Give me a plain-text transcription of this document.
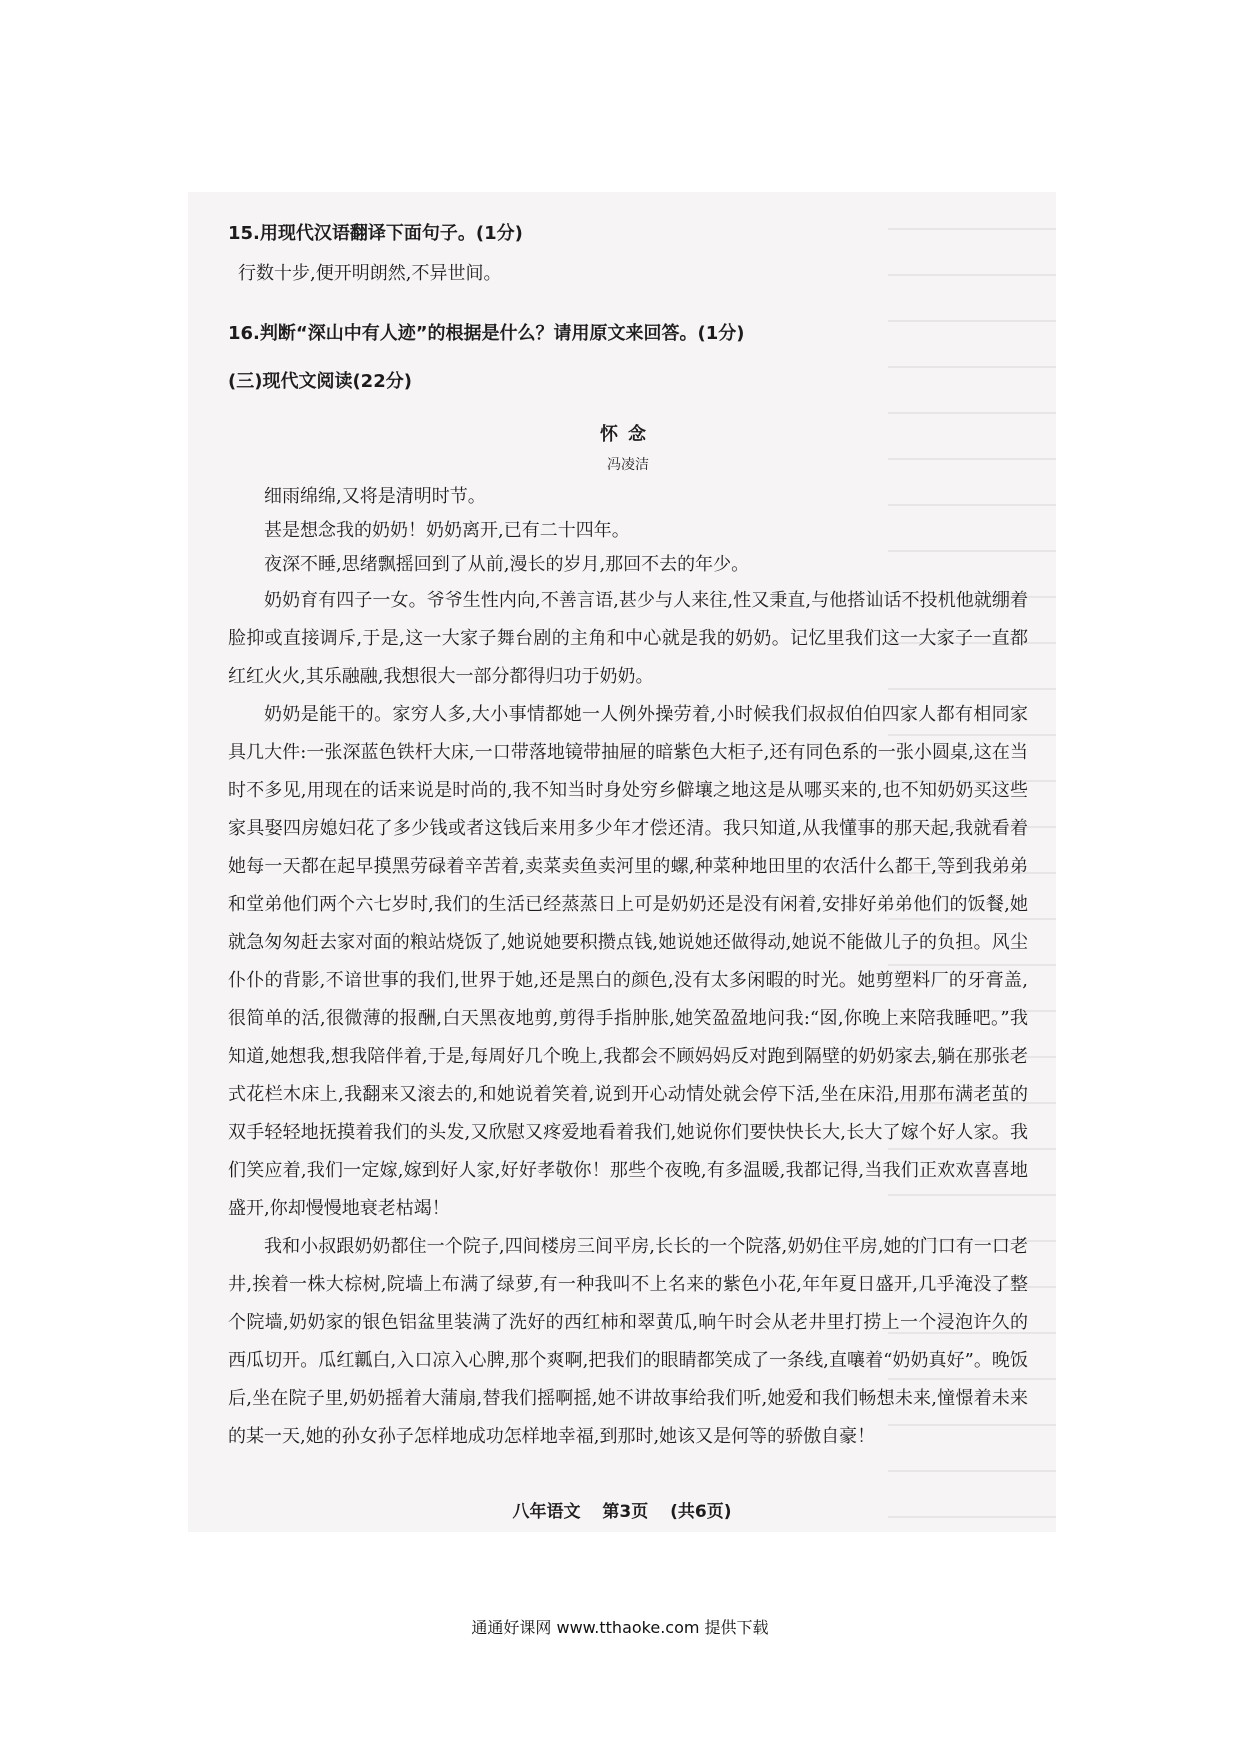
15.用现代汉语翻译下面句子。(1分)

行数十步,便开明朗然,不异世间。

16.判断“深山中有人迹”的根据是什么？请用原文来回答。(1分)

(三)现代文阅读(22分)

怀念

冯凌洁

细雨绵绵,又将是清明时节。

甚是想念我的奶奶！奶奶离开,已有二十四年。

夜深不睡,思绪飘摇回到了从前,漫长的岁月,那回不去的年少。

奶奶育有四子一女。爷爷生性内向,不善言语,甚少与人来往,性又秉直,与他搭讪话不投机他就绷着脸抑或直接调斥,于是,这一大家子舞台剧的主角和中心就是我的奶奶。记忆里我们这一大家子一直都红红火火,其乐融融,我想很大一部分都得归功于奶奶。

奶奶是能干的。家穷人多,大小事情都她一人例外操劳着,小时候我们叔叔伯伯四家人都有相同家具几大件:一张深蓝色铁杆大床,一口带落地镜带抽屉的暗紫色大柜子,还有同色系的一张小圆桌,这在当时不多见,用现在的话来说是时尚的,我不知当时身处穷乡僻壤之地这是从哪买来的,也不知奶奶买这些家具娶四房媳妇花了多少钱或者这钱后来用多少年才偿还清。我只知道,从我懂事的那天起,我就看着她每一天都在起早摸黑劳碌着辛苦着,卖菜卖鱼卖河里的螺,种菜种地田里的农活什么都干,等到我弟弟和堂弟他们两个六七岁时,我们的生活已经蒸蒸日上可是奶奶还是没有闲着,安排好弟弟他们的饭餐,她就急匆匆赶去家对面的粮站烧饭了,她说她要积攒点钱,她说她还做得动,她说不能做儿子的负担。风尘仆仆的背影,不谙世事的我们,世界于她,还是黑白的颜色,没有太多闲暇的时光。她剪塑料厂的牙膏盖,很简单的活,很微薄的报酬,白天黑夜地剪,剪得手指肿胀,她笑盈盈地问我:“囡,你晚上来陪我睡吧。”我知道,她想我,想我陪伴着,于是,每周好几个晚上,我都会不顾妈妈反对跑到隔壁的奶奶家去,躺在那张老式花栏木床上,我翻来又滚去的,和她说着笑着,说到开心动情处就会停下活,坐在床沿,用那布满老茧的双手轻轻地抚摸着我们的头发,又欣慰又疼爱地看着我们,她说你们要快快长大,长大了嫁个好人家。我们笑应着,我们一定嫁,嫁到好人家,好好孝敬你！那些个夜晚,有多温暖,我都记得,当我们正欢欢喜喜地盛开,你却慢慢地衰老枯竭！

我和小叔跟奶奶都住一个院子,四间楼房三间平房,长长的一个院落,奶奶住平房,她的门口有一口老井,挨着一株大棕树,院墙上布满了绿萝,有一种我叫不上名来的紫色小花,年年夏日盛开,几乎淹没了整个院墙,奶奶家的银色铝盆里装满了洗好的西红柿和翠黄瓜,晌午时会从老井里打捞上一个浸泡许久的西瓜切开。瓜红瓤白,入口凉入心脾,那个爽啊,把我们的眼睛都笑成了一条线,直嚷着“奶奶真好”。晚饭后,坐在院子里,奶奶摇着大蒲扇,替我们摇啊摇,她不讲故事给我们听,她爱和我们畅想未来,憧憬着未来的某一天,她的孙女孙子怎样地成功怎样地幸福,到那时,她该又是何等的骄傲自豪！

八年语文 第3页 (共6页)
通通好课网 www.tthaoke.com 提供下载
